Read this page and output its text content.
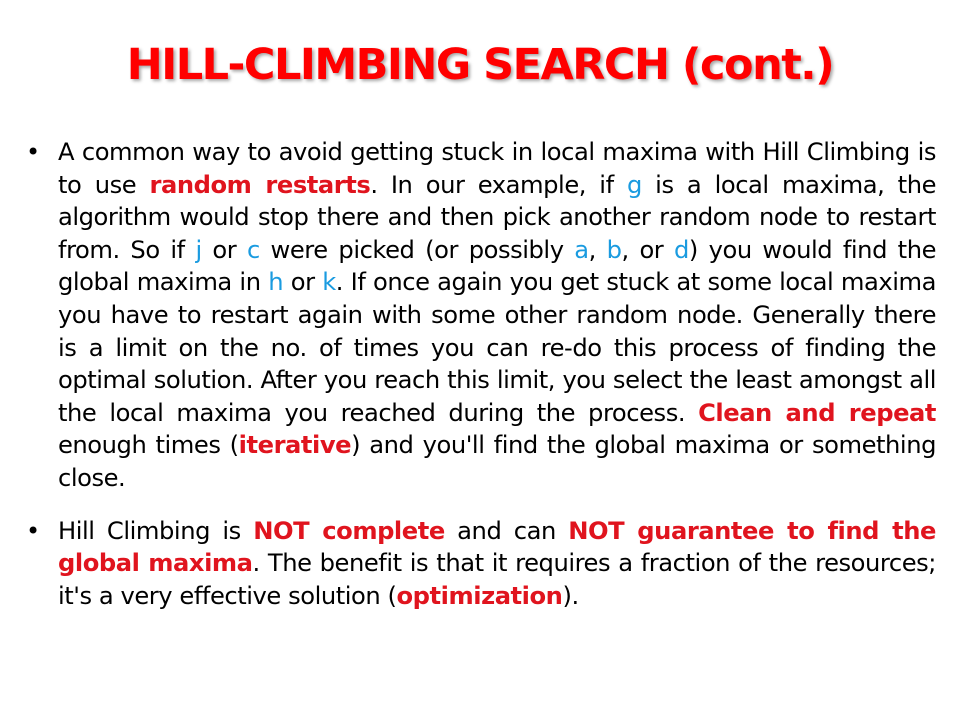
HILL-CLIMBING SEARCH (cont.)
• A common way to avoid getting stuck in local maxima with Hill Climbing is to use random restarts. In our example, if g is a local maxima, the algorithm would stop there and then pick another random node to restart from. So if j or c were picked (or possibly a, b, or d) you would find the global maxima in h or k. If once again you get stuck at some local maxima you have to restart again with some other random node. Generally there is a limit on the no. of times you can re-do this process of finding the optimal solution. After you reach this limit, you select the least amongst all the local maxima you reached during the process. Clean and repeat enough times (iterative) and you'll find the global maxima or something close.
• Hill Climbing is NOT complete and can NOT guarantee to find the global maxima. The benefit is that it requires a fraction of the resources; it's a very effective solution (optimization).
